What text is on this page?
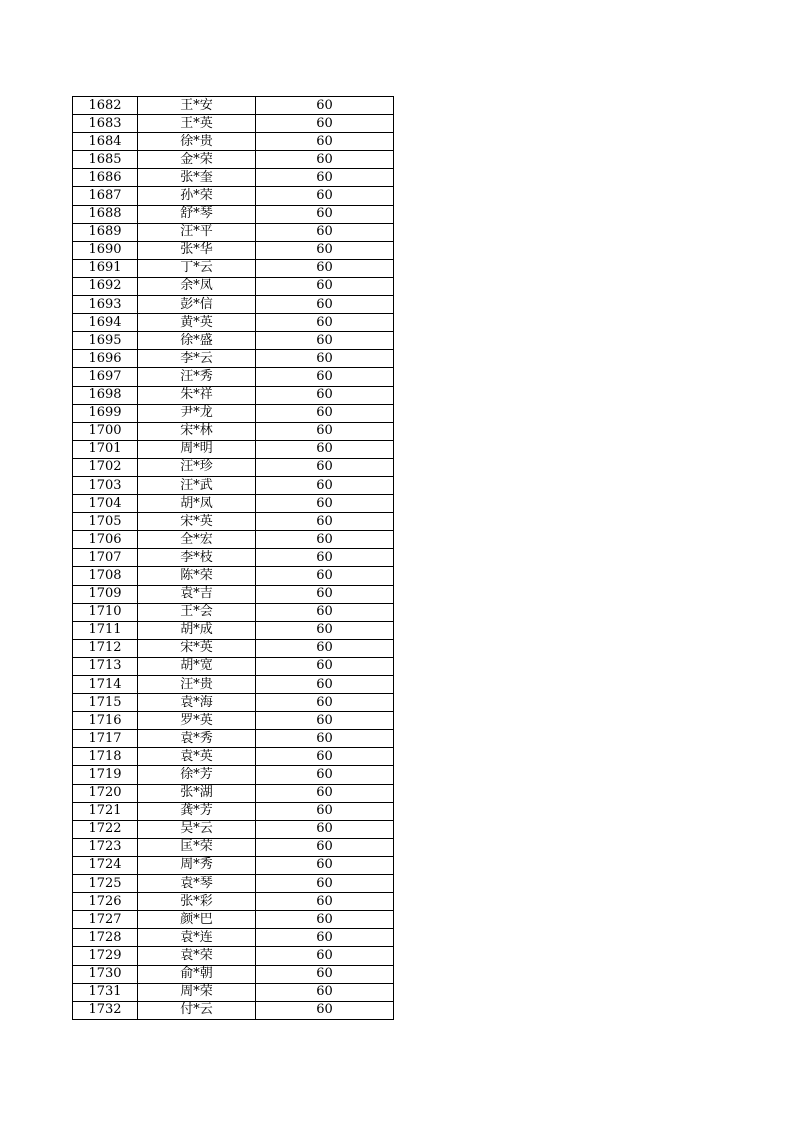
1682	王*安	60
1683	王*英	60
1684	徐*贵	60
1685	金*荣	60
1686	张*奎	60
1687	孙*荣	60
1688	舒*琴	60
1689	汪*平	60
1690	张*华	60
1691	丁*云	60
1692	余*凤	60
1693	彭*信	60
1694	黄*英	60
1695	徐*盛	60
1696	李*云	60
1697	汪*秀	60
1698	朱*祥	60
1699	尹*龙	60
1700	宋*林	60
1701	周*明	60
1702	汪*珍	60
1703	汪*武	60
1704	胡*凤	60
1705	宋*英	60
1706	全*宏	60
1707	李*枝	60
1708	陈*荣	60
1709	袁*吉	60
1710	王*会	60
1711	胡*成	60
1712	宋*英	60
1713	胡*宽	60
1714	汪*贵	60
1715	袁*海	60
1716	罗*英	60
1717	袁*秀	60
1718	袁*英	60
1719	徐*芳	60
1720	张*湖	60
1721	龚*芳	60
1722	吴*云	60
1723	匡*荣	60
1724	周*秀	60
1725	袁*琴	60
1726	张*彩	60
1727	颜*巴	60
1728	袁*连	60
1729	袁*荣	60
1730	俞*朝	60
1731	周*荣	60
1732	付*云	60
